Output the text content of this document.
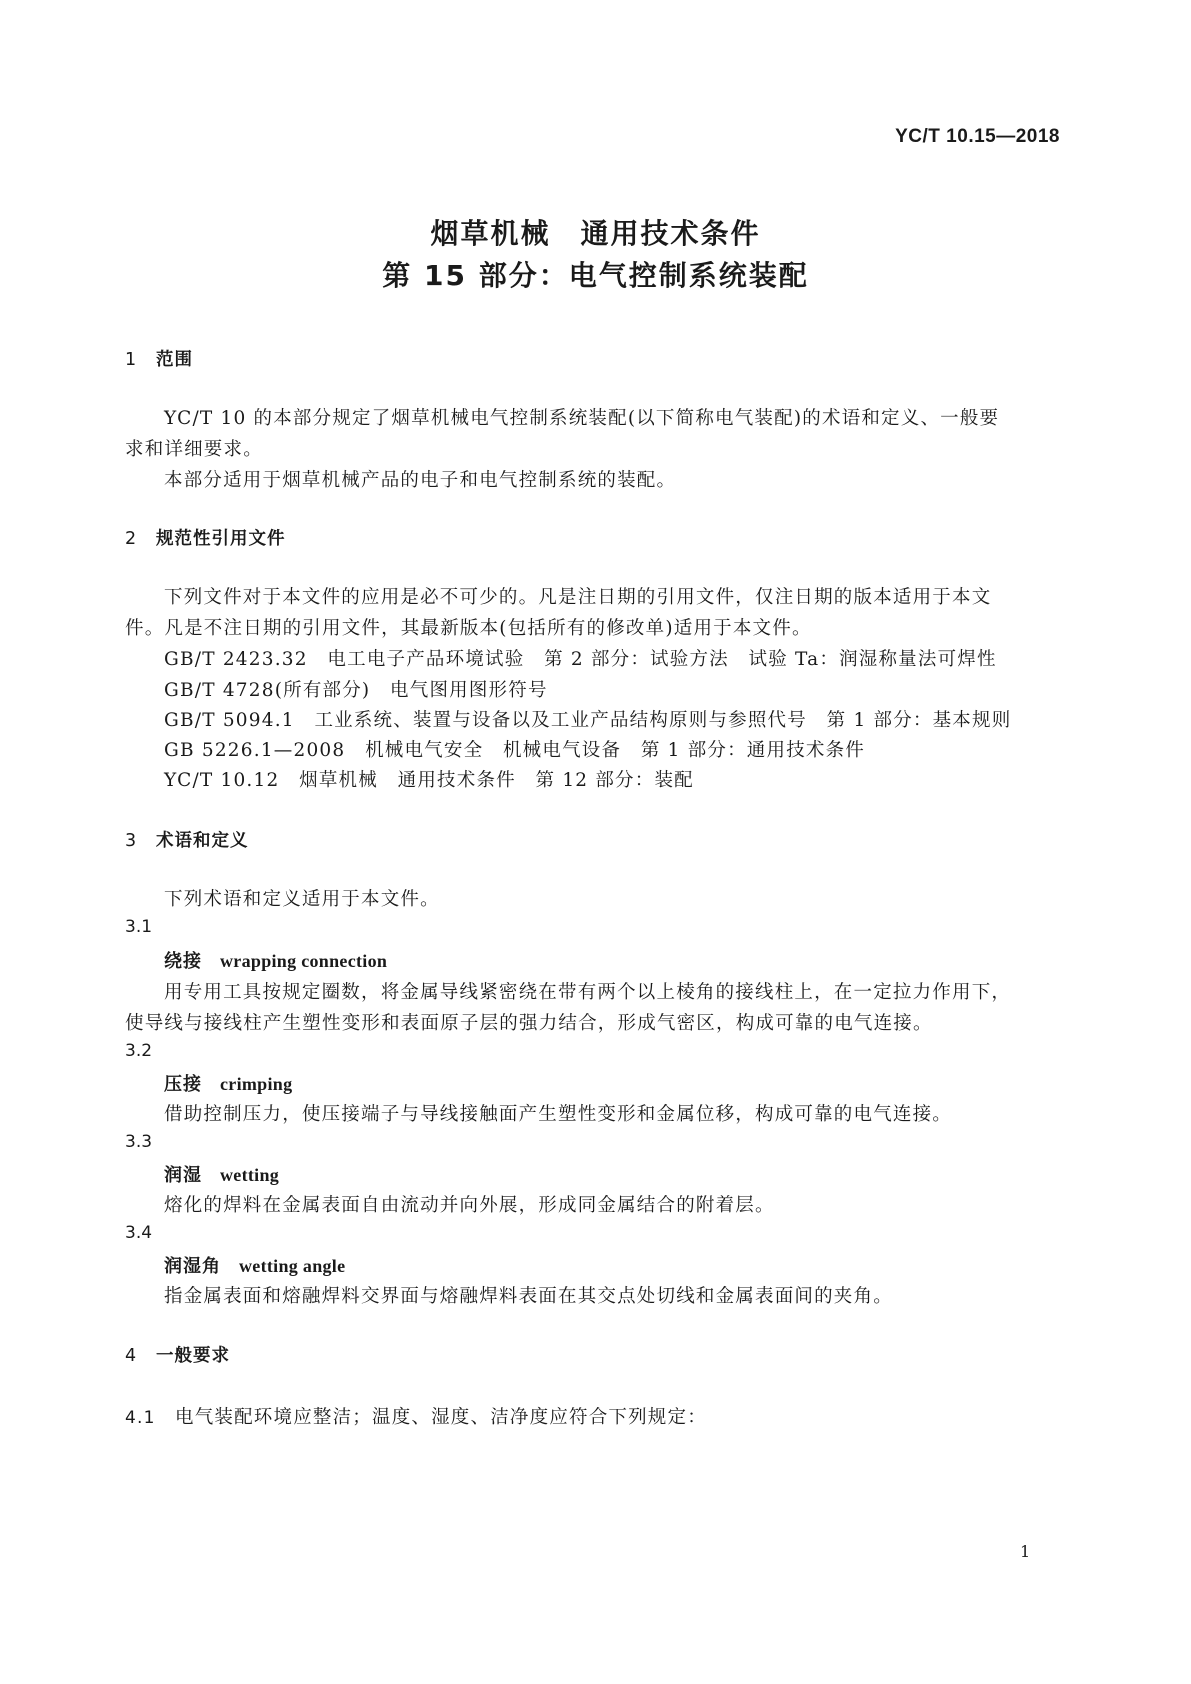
YC/T 10.15—2018
烟草机械　通用技术条件
第 15 部分：电气控制系统装配
1 范围
YC/T 10 的本部分规定了烟草机械电气控制系统装配(以下简称电气装配)的术语和定义、一般要
求和详细要求。
本部分适用于烟草机械产品的电子和电气控制系统的装配。
2 规范性引用文件
下列文件对于本文件的应用是必不可少的。凡是注日期的引用文件，仅注日期的版本适用于本文
件。凡是不注日期的引用文件，其最新版本(包括所有的修改单)适用于本文件。
GB/T 2423.32　电工电子产品环境试验　第 2 部分：试验方法　试验 Ta：润湿称量法可焊性
GB/T 4728(所有部分)　电气图用图形符号
GB/T 5094.1　工业系统、装置与设备以及工业产品结构原则与参照代号　第 1 部分：基本规则
GB 5226.1—2008　机械电气安全　机械电气设备　第 1 部分：通用技术条件
YC/T 10.12　烟草机械　通用技术条件　第 12 部分：装配
3 术语和定义
下列术语和定义适用于本文件。
3.1
绕接 wrapping connection
用专用工具按规定圈数，将金属导线紧密绕在带有两个以上棱角的接线柱上，在一定拉力作用下，
使导线与接线柱产生塑性变形和表面原子层的强力结合，形成气密区，构成可靠的电气连接。
3.2
压接 crimping
借助控制压力，使压接端子与导线接触面产生塑性变形和金属位移，构成可靠的电气连接。
3.3
润湿 wetting
熔化的焊料在金属表面自由流动并向外展，形成同金属结合的附着层。
3.4
润湿角 wetting angle
指金属表面和熔融焊料交界面与熔融焊料表面在其交点处切线和金属表面间的夹角。
4 一般要求
4.1 电气装配环境应整洁；温度、湿度、洁净度应符合下列规定：
1
